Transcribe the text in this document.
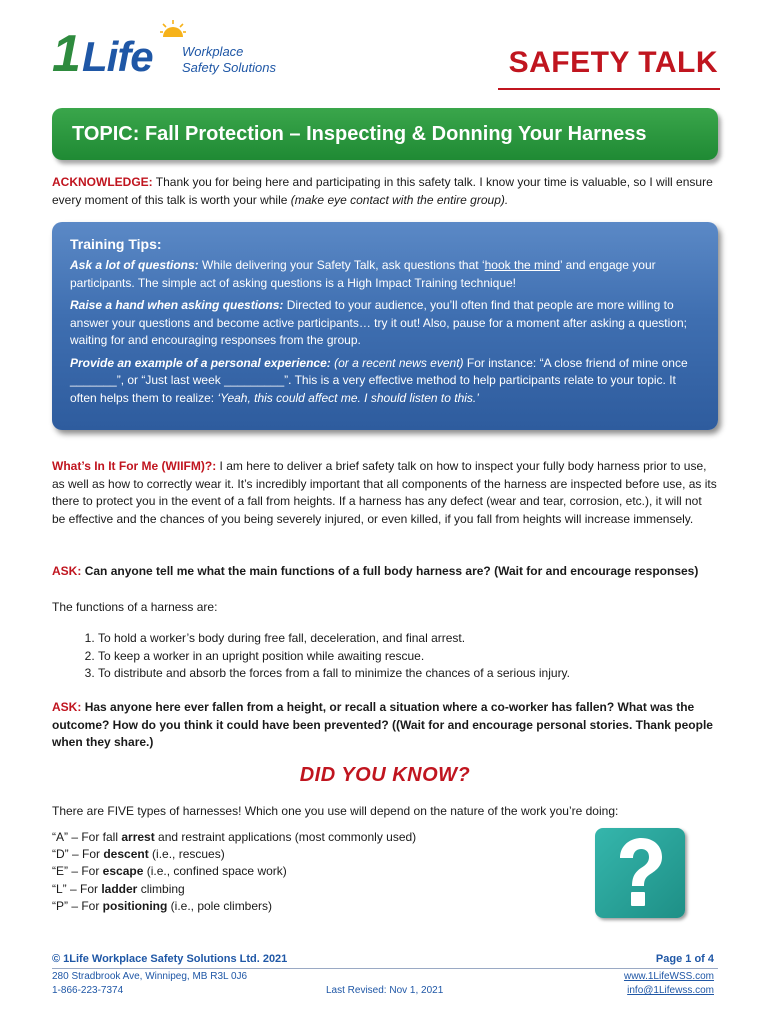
1 Life Workplace
Safety Solutions	SAFETY TALK
TOPIC: Fall Protection – Inspecting & Donning Your Harness
ACKNOWLEDGE: Thank you for being here and participating in this safety talk. I know your time is valuable, so I will ensure every moment of this talk is worth your while (make eye contact with the entire group).
Training Tips:
Ask a lot of questions: While delivering your Safety Talk, ask questions that ‘hook the mind’ and engage your participants. The simple act of asking questions is a High Impact Training technique!
Raise a hand when asking questions: Directed to your audience, you’ll often find that people are more willing to answer your questions and become active participants… try it out! Also, pause for a moment after asking a question; waiting for and encouraging responses from the group.
Provide an example of a personal experience: (or a recent news event) For instance: “A close friend of mine once _______”, or “Just last week _________”. This is a very effective method to help participants relate to your topic. It often helps them to realize: ‘Yeah, this could affect me. I should listen to this.’
What’s In It For Me (WIIFM)?: I am here to deliver a brief safety talk on how to inspect your fully body harness prior to use, as well as how to correctly wear it. It’s incredibly important that all components of the harness are inspected before use, as its there to protect you in the event of a fall from heights. If a harness has any defect (wear and tear, corrosion, etc.), it will not be effective and the chances of you being severely injured, or even killed, if you fall from heights will increase immensely.
ASK: Can anyone tell me what the main functions of a full body harness are? (Wait for and encourage responses)
The functions of a harness are:
1. To hold a worker’s body during free fall, deceleration, and final arrest.
2. To keep a worker in an upright position while awaiting rescue.
3. To distribute and absorb the forces from a fall to minimize the chances of a serious injury.
ASK: Has anyone here ever fallen from a height, or recall a situation where a co-worker has fallen? What was the outcome? How do you think it could have been prevented? ((Wait for and encourage personal stories. Thank people when they share.)
DID YOU KNOW?
There are FIVE types of harnesses! Which one you use will depend on the nature of the work you’re doing:
“A” – For fall arrest and restraint applications (most commonly used)
“D” – For descent (i.e., rescues)
“E” – For escape (i.e., confined space work)
“L” – For ladder climbing
“P” – For positioning (i.e., pole climbers)
© 1Life Workplace Safety Solutions Ltd. 2021	Page 1 of 4
280 Stradbrook Ave, Winnipeg, MB R3L 0J6
1-866-223-7374	Last Revised: Nov 1, 2021
www.1LifeWSS.com
info@1Lifewss.com
